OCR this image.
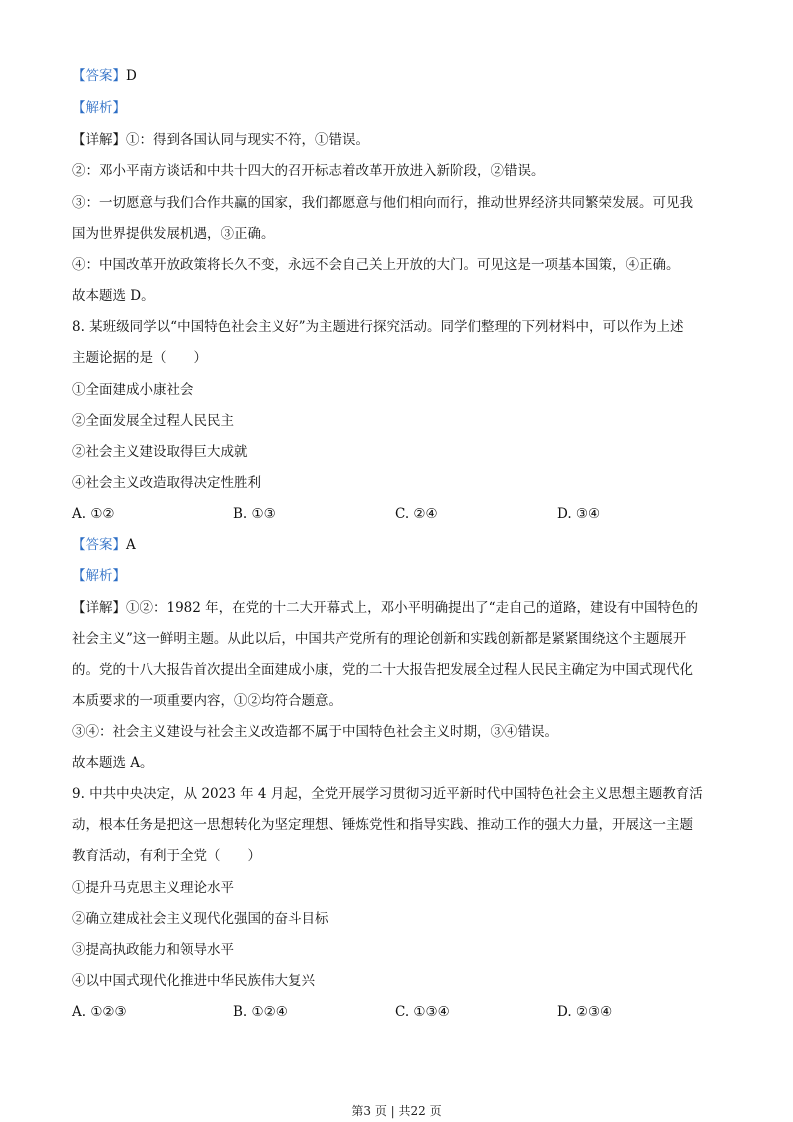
【答案】D
【解析】
【详解】①：得到各国认同与现实不符，①错误。
②：邓小平南方谈话和中共十四大的召开标志着改革开放进入新阶段，②错误。
③：一切愿意与我们合作共赢的国家，我们都愿意与他们相向而行，推动世界经济共同繁荣发展。可见我
国为世界提供发展机遇，③正确。
④：中国改革开放政策将长久不变，永远不会自己关上开放的大门。可见这是一项基本国策，④正确。
故本题选 D。
8. 某班级同学以“中国特色社会主义好”为主题进行探究活动。同学们整理的下列材料中，可以作为上述
主题论据的是（　　）
①全面建成小康社会
②全面发展全过程人民民主
②社会主义建设取得巨大成就
④社会主义改造取得决定性胜利
A. ①②	B. ①③	C. ②④	D. ③④
【答案】A
【解析】
【详解】①②：1982 年，在党的十二大开幕式上，邓小平明确提出了“走自己的道路，建设有中国特色的
社会主义”这一鲜明主题。从此以后，中国共产党所有的理论创新和实践创新都是紧紧围绕这个主题展开
的。党的十八大报告首次提出全面建成小康，党的二十大报告把发展全过程人民民主确定为中国式现代化
本质要求的一项重要内容，①②均符合题意。
③④：社会主义建设与社会主义改造都不属于中国特色社会主义时期，③④错误。
故本题选 A。
9. 中共中央决定，从 2023 年 4 月起，全党开展学习贯彻习近平新时代中国特色社会主义思想主题教育活
动，根本任务是把这一思想转化为坚定理想、锤炼党性和指导实践、推动工作的强大力量，开展这一主题
教育活动，有利于全党（　　）
①提升马克思主义理论水平
②确立建成社会主义现代化强国的奋斗目标
③提高执政能力和领导水平
④以中国式现代化推进中华民族伟大复兴
A. ①②③	B. ①②④	C. ①③④	D. ②③④
第3 页 | 共22 页
